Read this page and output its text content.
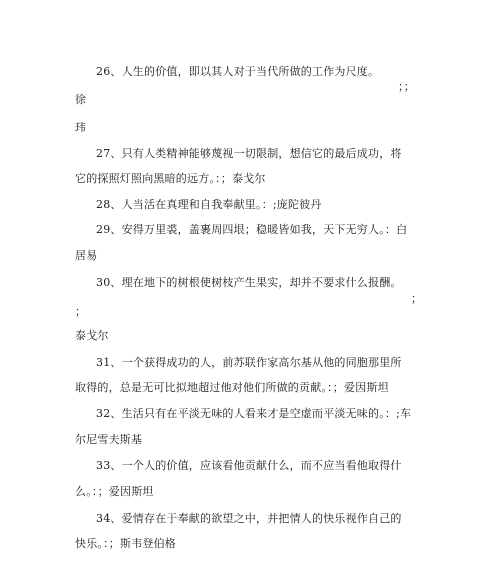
26、人生的价值，即以其人对于当代所做的工作为尺度。
；；
徐
玮
27、只有人类精神能够蔑视一切限制，想信它的最后成功，将
它的探照灯照向黑暗的远方。：；泰戈尔
28、人当活在真理和自我奉献里。：;庞陀彼丹
29、安得万里裘，盖裹周四垠；稳暖皆如我，天下无穷人。：白
居易
30、埋在地下的树根使树枝产生果实，却并不要求什么报酬。
；
；
泰戈尔
31、一个获得成功的人，前苏联作家高尔基从他的同胞那里所
取得的，总是无可比拟地超过他对他们所做的贡献。：；爱因斯坦
32、生活只有在平淡无味的人看来才是空虚而平淡无味的。：;车
尔尼雪夫斯基
33、一个人的价值，应该看他贡献什么，而不应当看他取得什
么。：；爱因斯坦
34、爱情存在于奉献的欲望之中，并把情人的快乐视作自己的
快乐。：；斯韦登伯格
